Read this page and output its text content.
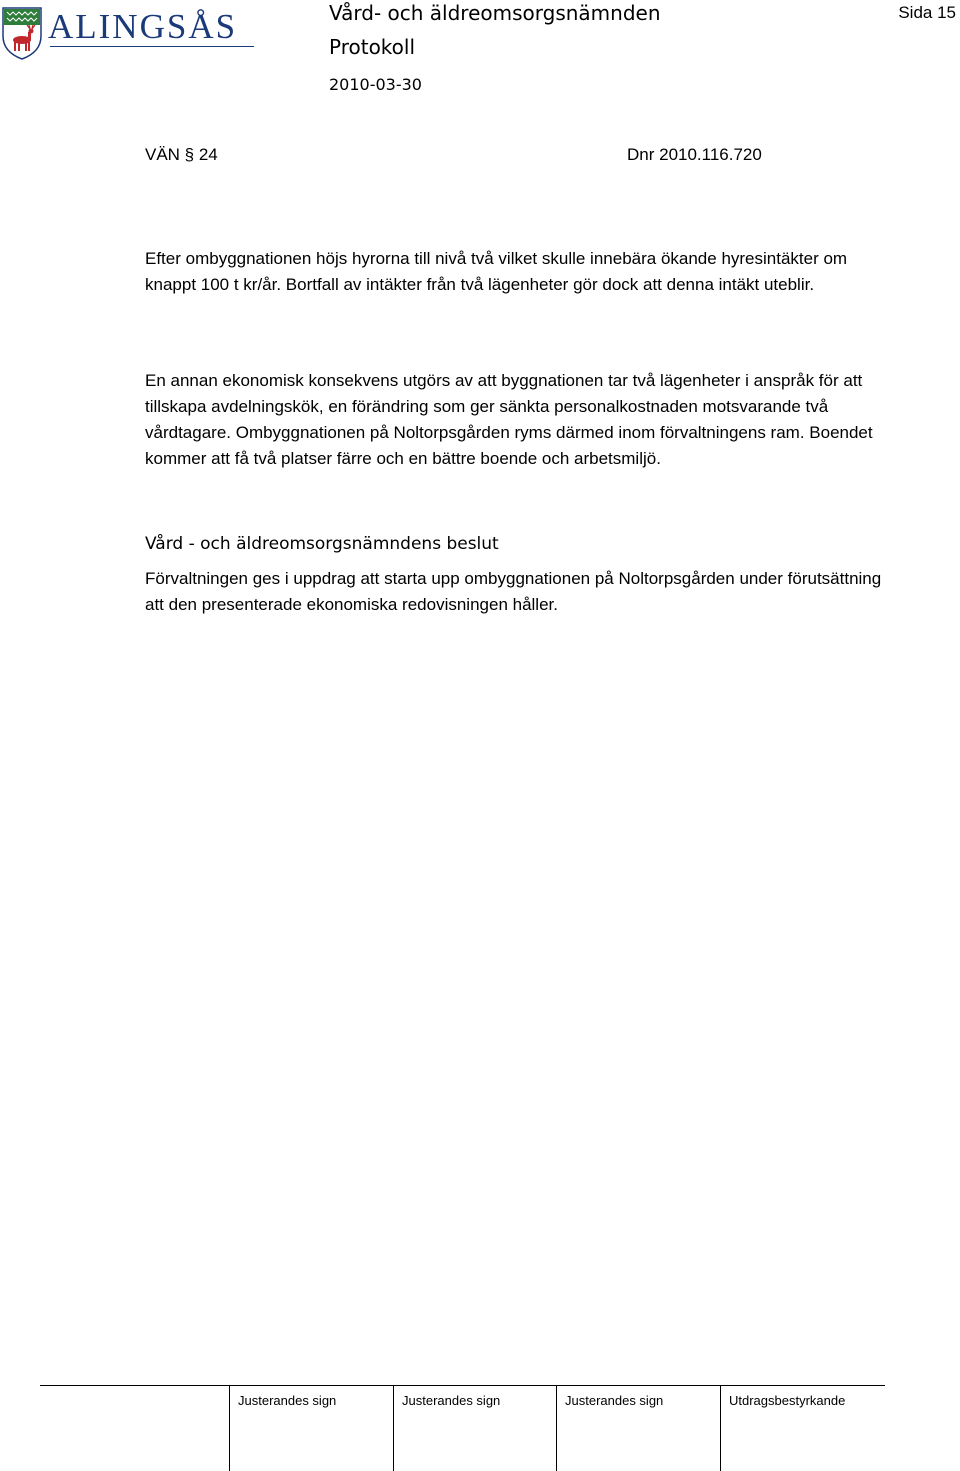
ALINGSÅS	Vård- och äldreomsorgsnämnden
Protokoll
2010-03-30
Sida 15
VÄN § 24	Dnr 2010.116.720

Efter ombyggnationen höjs hyrorna till nivå två vilket skulle innebära ökande hyresintäkter om knappt 100 t kr/år. Bortfall av intäkter från två lägenheter gör dock att denna intäkt uteblir.

En annan ekonomisk konsekvens utgörs av att byggnationen tar två lägenheter i anspråk för att tillskapa avdelningskök, en förändring som ger sänkta personalkostnaden motsvarande två vårdtagare. Ombyggnationen på Noltorpsgården ryms därmed inom förvaltningens ram. Boendet kommer att få två platser färre och en bättre boende och arbetsmiljö.

Vård - och äldreomsorgsnämndens beslut

Förvaltningen ges i uppdrag att starta upp ombyggnationen på Noltorpsgården under förutsättning att den presenterade ekonomiska redovisningen håller.

Justerandes sign	Justerandes sign	Justerandes sign	Utdragsbestyrkande
